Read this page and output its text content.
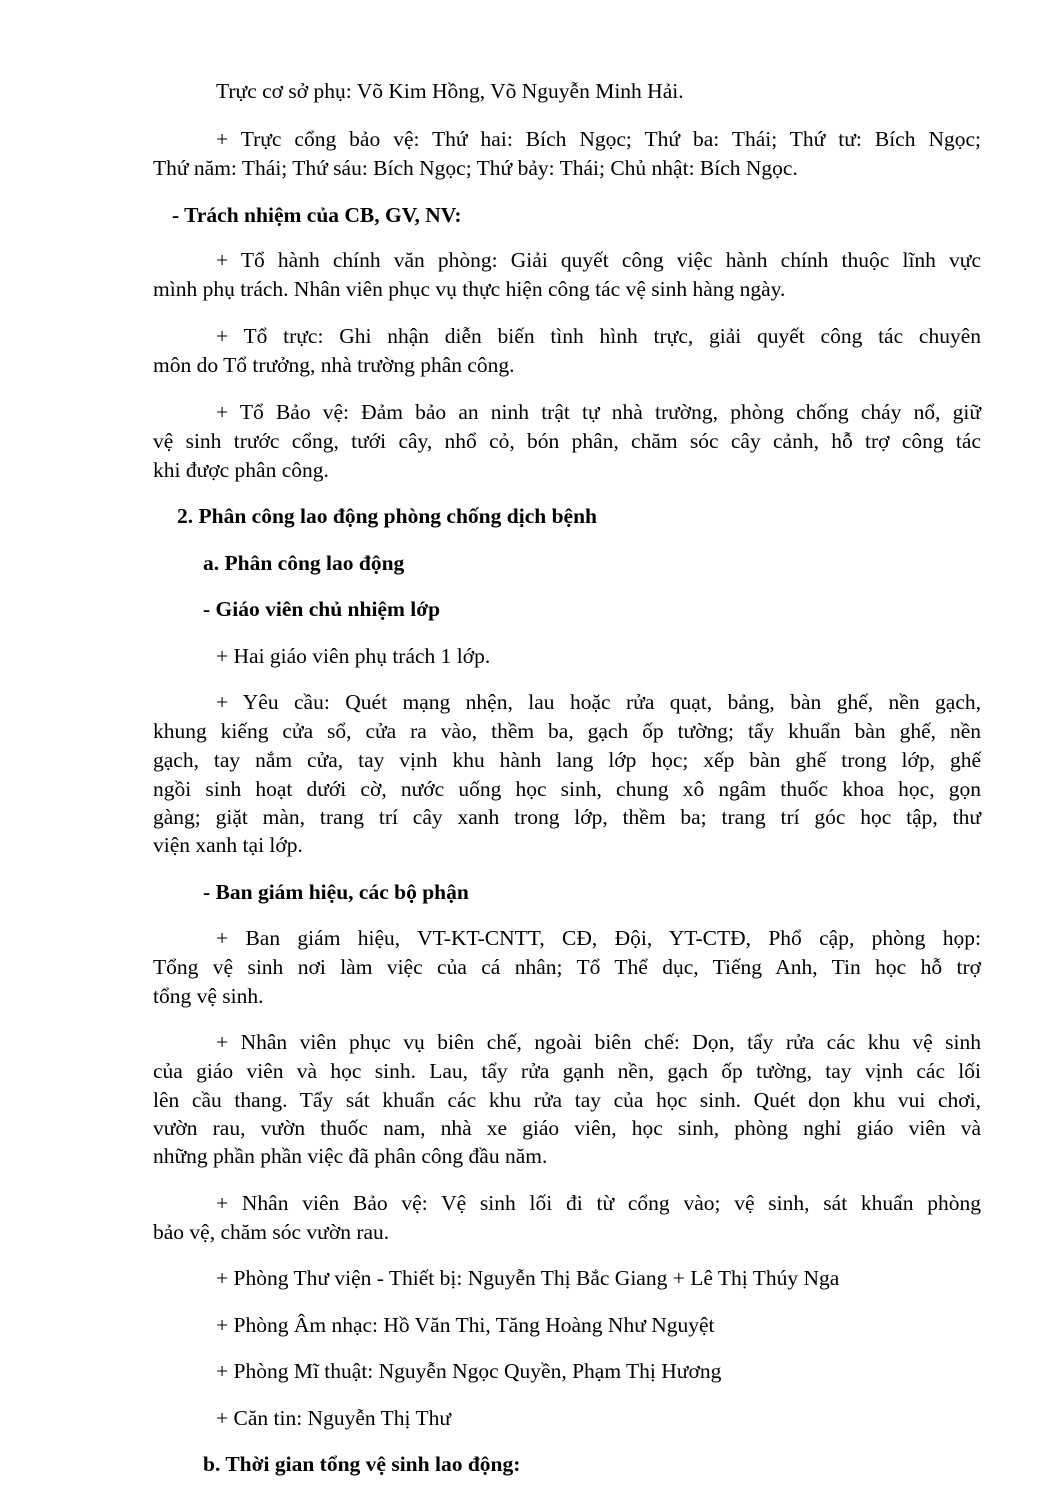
Trực cơ sở phụ: Võ Kim Hồng, Võ Nguyễn Minh Hải.

+ Trực cổng bảo vệ: Thứ hai: Bích Ngọc; Thứ ba: Thái; Thứ tư: Bích Ngọc;

Thứ năm: Thái; Thứ sáu: Bích Ngọc; Thứ bảy: Thái; Chủ nhật: Bích Ngọc.

- Trách nhiệm của CB, GV, NV:

+ Tổ hành chính văn phòng: Giải quyết công việc hành chính thuộc lĩnh vực

mình phụ trách. Nhân viên phục vụ thực hiện công tác vệ sinh hàng ngày.

+ Tổ trực: Ghi nhận diễn biến tình hình trực, giải quyết công tác chuyên

môn do Tổ trưởng, nhà trường phân công.

+ Tổ Bảo vệ: Đảm bảo an ninh trật tự nhà trường, phòng chống cháy nổ, giữ

vệ sinh trước cổng, tưới cây, nhổ cỏ, bón phân, chăm sóc cây cảnh, hỗ trợ công tác

khi được phân công.

2. Phân công lao động phòng chống dịch bệnh

a. Phân công lao động

- Giáo viên chủ nhiệm lớp

+ Hai giáo viên phụ trách 1 lớp.

+ Yêu cầu: Quét mạng nhện, lau hoặc rửa quạt, bảng, bàn ghế, nền gạch,

khung kiếng cửa sổ, cửa ra vào, thềm ba, gạch ốp tường; tẩy khuẩn bàn ghế, nền

gạch, tay nắm cửa, tay vịnh khu hành lang lớp học; xếp bàn ghế trong lớp, ghế

ngồi sinh hoạt dưới cờ, nước uống học sinh, chung xô ngâm thuốc khoa học, gọn

gàng; giặt màn, trang trí cây xanh trong lớp, thềm ba; trang trí góc học tập, thư

viện xanh tại lớp.

- Ban giám hiệu, các bộ phận

+ Ban giám hiệu, VT-KT-CNTT, CĐ, Đội, YT-CTĐ, Phổ cập, phòng họp:

Tổng vệ sinh nơi làm việc của cá nhân; Tổ Thể dục, Tiếng Anh, Tin học hỗ trợ

tổng vệ sinh.

+ Nhân viên phục vụ biên chế, ngoài biên chế: Dọn, tẩy rửa các khu vệ sinh

của giáo viên và học sinh. Lau, tẩy rửa gạnh nền, gạch ốp tường, tay vịnh các lối

lên cầu thang. Tẩy sát khuẩn các khu rửa tay của học sinh. Quét dọn khu vui chơi,

vườn rau, vườn thuốc nam, nhà xe giáo viên, học sinh, phòng nghỉ giáo viên và

những phần phần việc đã phân công đầu năm.

+ Nhân viên Bảo vệ: Vệ sinh lối đi từ cổng vào; vệ sinh, sát khuẩn phòng

bảo vệ, chăm sóc vườn rau.

+ Phòng Thư viện - Thiết bị: Nguyễn Thị Bắc Giang + Lê Thị Thúy Nga

+ Phòng Âm nhạc: Hồ Văn Thi, Tăng Hoàng Như Nguyệt

+ Phòng Mĩ thuật: Nguyễn Ngọc Quyền, Phạm Thị Hương

+ Căn tin: Nguyễn Thị Thư

b. Thời gian tổng vệ sinh lao động:
